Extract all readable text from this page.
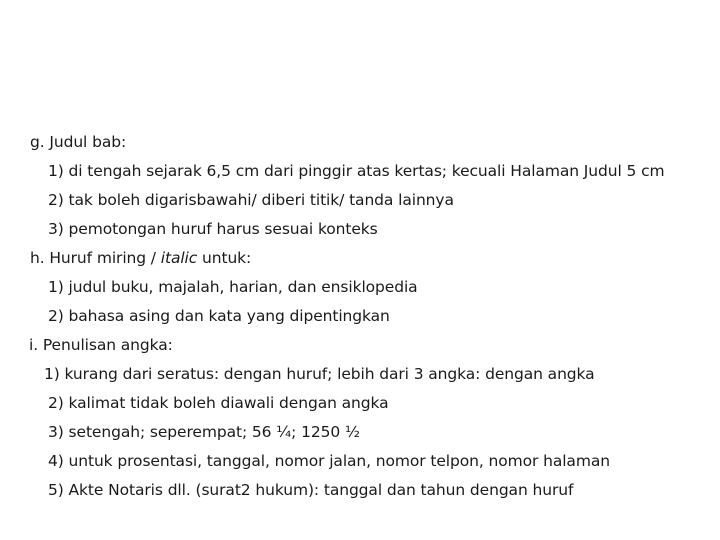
g. Judul bab:
1) di tengah sejarak 6,5 cm dari pinggir atas kertas; kecuali Halaman Judul 5 cm
2) tak boleh digarisbawahi/ diberi titik/ tanda lainnya
3) pemotongan huruf harus sesuai konteks
h. Huruf miring / italic untuk:
1) judul buku, majalah, harian, dan ensiklopedia
2) bahasa asing dan kata yang dipentingkan
i. Penulisan angka:
1) kurang dari seratus: dengan huruf; lebih dari 3 angka: dengan angka
2) kalimat tidak boleh diawali dengan angka
3) setengah; seperempat; 56 ¼; 1250 ½
4) untuk prosentasi, tanggal, nomor jalan, nomor telpon, nomor halaman
5) Akte Notaris dll. (surat2 hukum): tanggal dan tahun dengan huruf
